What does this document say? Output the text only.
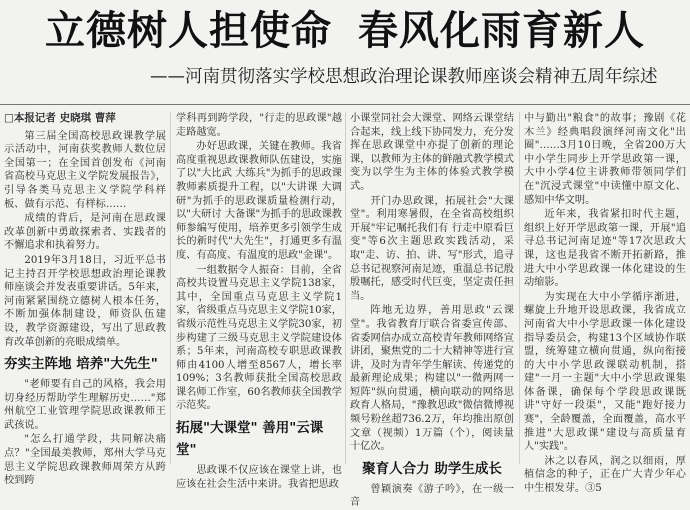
立德树人担使命 春风化雨育新人
——河南贯彻落实学校思想政治理论课教师座谈会精神五周年综述

□本报记者 史晓琪 曹萍

第三届全国高校思政课教学展示活动中，河南获奖教师人数位居全国第一；在全国首创发布《河南省高校马克思主义学院发展报告》，引导各类马克思主义学院学科样板、做有示范、有样标……

成绩的背后，是河南在思政课改革创新中勇敢探索者、实践者的不懈追求和执着努力。

2019年3月18日，习近平总书记主持召开学校思想政治理论课教师座谈会并发表重要讲话。5年来，河南紧紧围绕立德树人根本任务，不断加强体制建设，师资队伍建设，教学资源建设，写出了思政教育改革创新的亮眼成绩单。

夯实主阵地 培养"大先生"

"老师要有自己的风格，我会用切身经历帮助学生理解历史……"郑州航空工业管理学院思政课教师王武孩说。

"怎么打通学段，共同解决痛点？"全国最美教师，郑州大学马克思主义学院思政课教师周荣方从跨校到跨

学科再到跨学段，"行走的思政课"越走路越宽。

办好思政课，关键在教师。我省高度重视思政课教师队伍建设，实施了以"大比武 大练兵"为抓手的思政课教师素质提升工程，以"大讲课 大调研"为抓手的思政课质量检测行动，以"大研讨 大备课"为抓手的思政课教师参编写使用，培养更多引领学生成长的新时代"大先生"，打通更多有温度、有高度、有温度的思政"金课"。

一组数据令人振奋：目前，全省高校共设置马克思主义学院138家，其中，全国重点马克思主义学院1家，省级重点马克思主义学院10家，省级示范性马克思主义学院30家，初步构建了三级马克思主义学院建设体系；5年来，河南高校专职思政课教师由4100人增至8567人，增长率109%；3名教师获批全国高校思政课名师工作室，60名教师获全国教学示范奖。

拓展"大课堂" 善用"云课堂"

思政课不仅应该在课堂上讲，也应该在社会生活中来讲。我省把思政

小课堂同社会大课堂、网络云课堂结合起来，线上线下协同发力，充分发挥在思政课堂中亦提了创新的理论课，以教师为主体的鲜融式教学模式变为以学生为主体的体验式教学模式。

开门办思政课，拓展社会"大课堂"。利用寒暑假，在全省高校组织开展"牢记嘱托我们有 行走中原看巨变"等6次主题思政实践活动，采取"走、访、拍、讲、写"形式，追寻总书记视察河南足迹，重温总书记殷殷嘱托，感受时代巨变，坚定责任担当。

阵地无边界，善用思政"云课堂"。我省教育厅联合省委宣传部、省委网信办成立高校青年教师网络宣讲团，聚焦党的二十大精神等进行宣讲，及时为青年学生解读、传递党的最新理论成果；构建以"一微两网一短阵"纵向贯通，横向联动的网络思政育人格局，"豫教思政"微信微博视频号粉丝超736.2万，年均推出原创文章（视频）1万篇（个），阅读量十亿次。

聚育人合力 助学生成长

曾颖演奏《游子吟》，在一级一音

中与勤出"粮食"的故事；豫剧《花木兰》经典唱段演绎河南文化"出圈"……3月10日晚，全省200万大中小学生同步上开学思政第一课，大中小学4位主讲教师带领同学们在"沉浸式课堂"中读懂中原文化、感知中华文明。

近年来，我省紧扣时代主题，组织上好开学思政第一课，开展"追寻总书记河南足迹"等17次思政大课，这也是我省不断开拓新路，推进大中小学思政课一体化建设的生动缩影。

为实现在大中小学循序渐进，螺旋上升地开设思政课，我省成立河南省大中小学思政课一体化建设指导委员会，构建13个区域协作联盟，统筹建立横向贯通，纵向衔接的大中小学思政课联动机制，搭建"一月一主题"大中小学思政课集体备课，确保每个学段思政课既讲"守好一段渠"，又能"跑好接力赛"，全龄覆盖，全面覆盖，高水平推进"大思政课"建设与高质量育人"实践"。

沐之以春风，润之以细雨，厚植信念的种子，正在广大青少年心中生根发芽。③5
